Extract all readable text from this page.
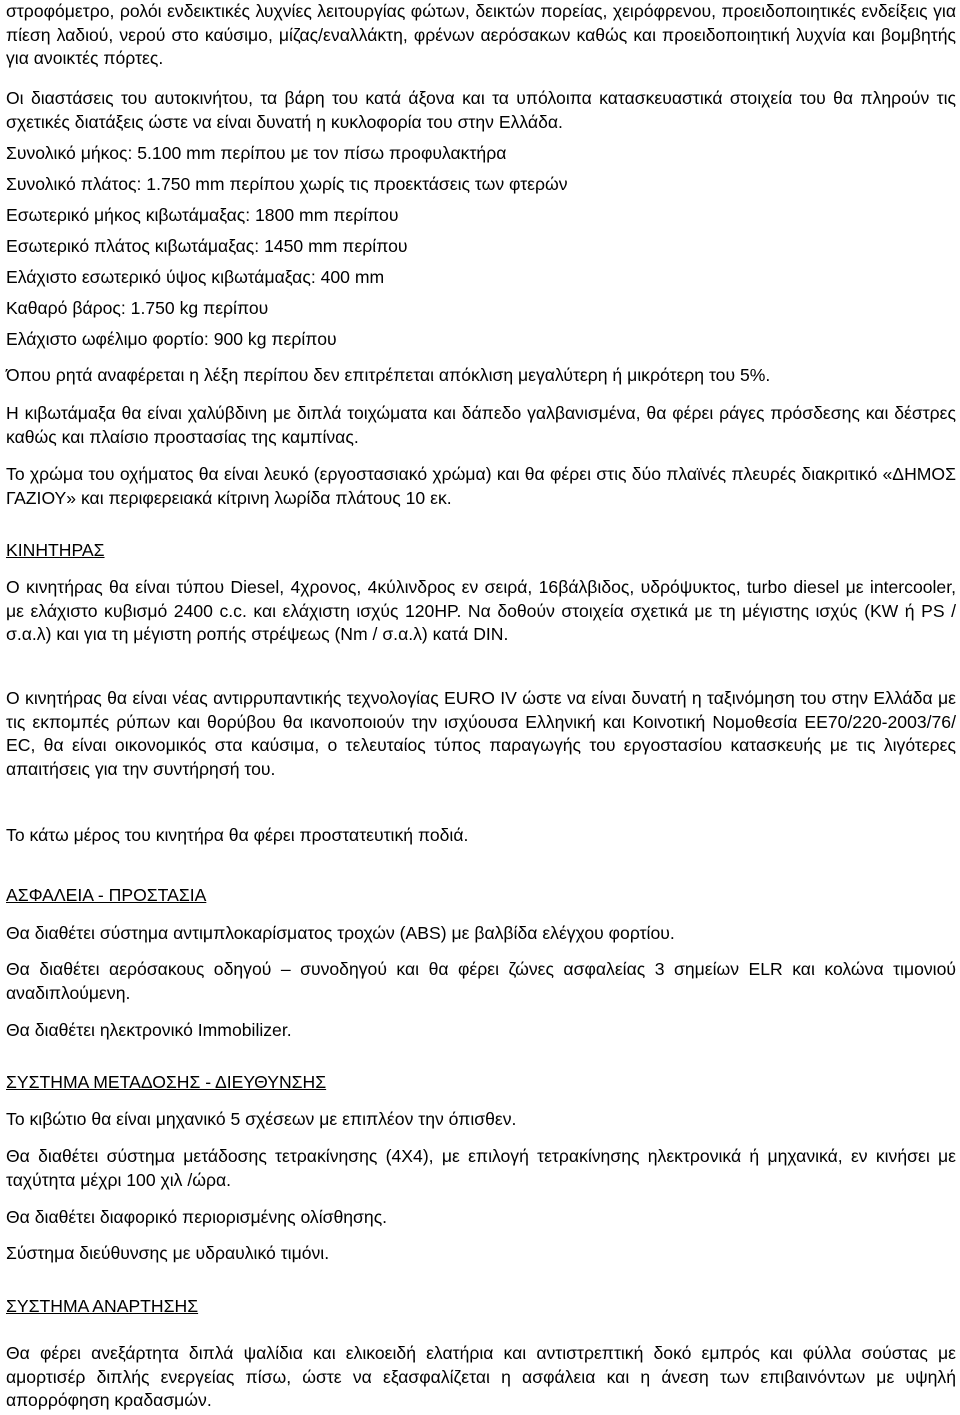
στροφόμετρο, ρολόι ενδεικτικές λυχνίες λειτουργίας φώτων, δεικτών πορείας, χειρόφρενου, προειδοποιητικές ενδείξεις για πίεση λαδιού, νερού στο καύσιμο, μίζας/εναλλάκτη, φρένων αερόσακων καθώς και προειδοποιητική λυχνία και βομβητής για ανοικτές πόρτες.

Οι διαστάσεις του αυτοκινήτου, τα βάρη του κατά άξονα και τα υπόλοιπα κατασκευαστικά στοιχεία του θα πληρούν τις σχετικές διατάξεις ώστε να είναι δυνατή η κυκλοφορία του στην Ελλάδα.

Συνολικό μήκος: 5.100 mm περίπου με τον πίσω προφυλακτήρα

Συνολικό πλάτος: 1.750 mm περίπου χωρίς τις προεκτάσεις των φτερών

Εσωτερικό μήκος κιβωτάμαξας: 1800 mm περίπου

Εσωτερικό πλάτος κιβωτάμαξας: 1450 mm περίπου

Ελάχιστο εσωτερικό ύψος κιβωτάμαξας: 400 mm

Καθαρό βάρος: 1.750 kg περίπου

Ελάχιστο ωφέλιμο φορτίο: 900 kg περίπου

Όπου ρητά αναφέρεται η λέξη περίπου δεν επιτρέπεται απόκλιση μεγαλύτερη ή μικρότερη του 5%.

Η κιβωτάμαξα θα είναι χαλύβδινη με διπλά τοιχώματα και δάπεδο γαλβανισμένα, θα φέρει ράγες πρόσδεσης και δέστρες καθώς και πλαίσιο προστασίας της καμπίνας.

Το χρώμα του οχήματος θα είναι λευκό (εργοστασιακό χρώμα) και θα φέρει στις δύο πλαϊνές πλευρές διακριτικό «ΔΗΜΟΣ ΓΑΖΙΟΥ» και περιφερειακά κίτρινη λωρίδα πλάτους 10 εκ.

ΚΙΝΗΤΗΡΑΣ

Ο κινητήρας θα είναι τύπου Diesel, 4χρονος, 4κύλινδρος εν σειρά, 16βάλβιδος, υδρόψυκτος, turbo diesel με intercooler, με ελάχιστο κυβισμό 2400 c.c. και ελάχιστη ισχύς 120HP. Να δοθούν στοιχεία σχετικά με τη μέγιστης ισχύς (KW ή PS / σ.α.λ) και για τη μέγιστη ροπής στρέψεως (Nm / σ.α.λ) κατά DIN.

Ο κινητήρας θα είναι νέας αντιρρυπαντικής τεχνολογίας EURO IV ώστε να είναι δυνατή η ταξινόμηση του στην Ελλάδα με τις εκπομπές ρύπων και θορύβου θα ικανοποιούν την ισχύουσα Ελληνική και Κοινοτική Νομοθεσία ΕΕ70/220-2003/76/ΕC, θα είναι οικονομικός στα καύσιμα, ο τελευταίος τύπος παραγωγής του εργοστασίου κατασκευής με τις λιγότερες απαιτήσεις για την συντήρησή του.

Το κάτω μέρος του κινητήρα θα φέρει προστατευτική ποδιά.

ΑΣΦΑΛΕΙΑ - ΠΡΟΣΤΑΣΙΑ

Θα διαθέτει σύστημα αντιμπλοκαρίσματος τροχών (ABS) με βαλβίδα ελέγχου φορτίου.

Θα διαθέτει αερόσακους οδηγού – συνοδηγού και θα φέρει ζώνες ασφαλείας 3 σημείων ELR και κολώνα τιμονιού αναδιπλούμενη.

Θα διαθέτει ηλεκτρονικό Immobilizer.

ΣΥΣΤΗΜΑ ΜΕΤΑΔΟΣΗΣ - ΔΙΕΥΘΥΝΣΗΣ

Το κιβώτιο θα είναι μηχανικό 5 σχέσεων με επιπλέον την όπισθεν.

Θα διαθέτει σύστημα μετάδοσης τετρακίνησης (4Χ4), με επιλογή τετρακίνησης ηλεκτρονικά ή μηχανικά, εν κινήσει με ταχύτητα μέχρι 100 χιλ /ώρα.

Θα διαθέτει διαφορικό περιορισμένης ολίσθησης.

Σύστημα διεύθυνσης με υδραυλικό τιμόνι.

ΣΥΣΤΗΜΑ ΑΝΑΡΤΗΣΗΣ

Θα φέρει ανεξάρτητα διπλά ψαλίδια και ελικοειδή ελατήρια και αντιστρεπτική δοκό εμπρός και φύλλα σούστας με αμορτισέρ διπλής ενεργείας πίσω, ώστε να εξασφαλίζεται η ασφάλεια και η άνεση των επιβαινόντων με υψηλή απορρόφηση κραδασμών.
